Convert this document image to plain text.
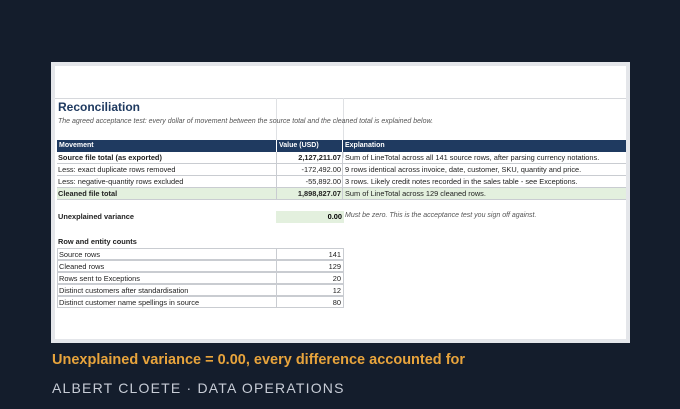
Reconciliation
The agreed acceptance test: every dollar of movement between the source total and the cleaned total is explained below.
Movement	Value (USD)	Explanation
Source file total (as exported)	2,127,211.07 Sum of LineTotal across all 141 source rows, after parsing currency notations.
Less: exact duplicate rows removed	-172,492.00 9 rows identical across invoice, date, customer, SKU, quantity and price.
Less: negative-quantity rows excluded	-55,892.00 3 rows. Likely credit notes recorded in the sales table - see Exceptions.
Cleaned file total	1,898,827.07 Sum of LineTotal across 129 cleaned rows.
Unexplained variance	0.00 Must be zero. This is the acceptance test you sign off against.
Row and entity counts
Source rows	141
Cleaned rows	129
Rows sent to Exceptions	20
Distinct customers after standardisation	12
Distinct customer name spellings in source	80
Unexplained variance = 0.00, every difference accounted for
ALBERT CLOETE · DATA OPERATIONS
